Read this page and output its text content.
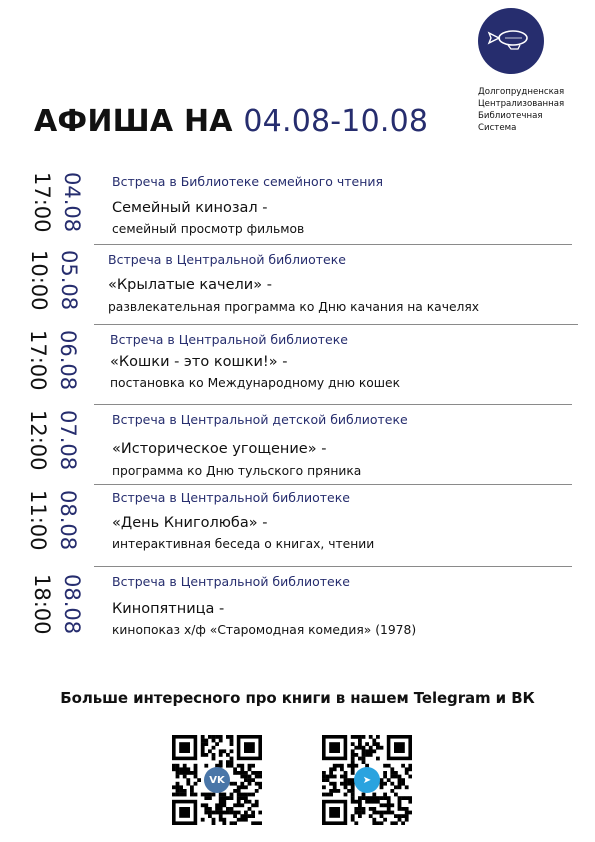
Долгопрудненская
Централизованная
Библиотечная
Система
АФИША НА 04.08-10.08
17:00 04.08 Встреча в Библиотеке семейного чтения
Семейный кинозал -
семейный просмотр фильмов
10:00 05.08 Встреча в Центральной библиотеке
«Крылатые качели» -
развлекательная программа ко Дню качания на качелях
17:00 06.08 Встреча в Центральной библиотеке
«Кошки - это кошки!» -
постановка ко Международному дню кошек
12:00 07.08	Встреча в Центральной детской библиотеке
«Историческое угощение» -
программа ко Дню тульского пряника
11:00 08.08	Встреча в Центральной библиотеке
«День Книголюба» -
интерактивная беседа о книгах, чтении
18:00 08.08 Встреча в Центральной библиотеке
Кинопятница -
кинопоказ х/ф «Старомодная комедия» (1978)
Больше интересного про книги в нашем Telegram и ВК
VK	➤
